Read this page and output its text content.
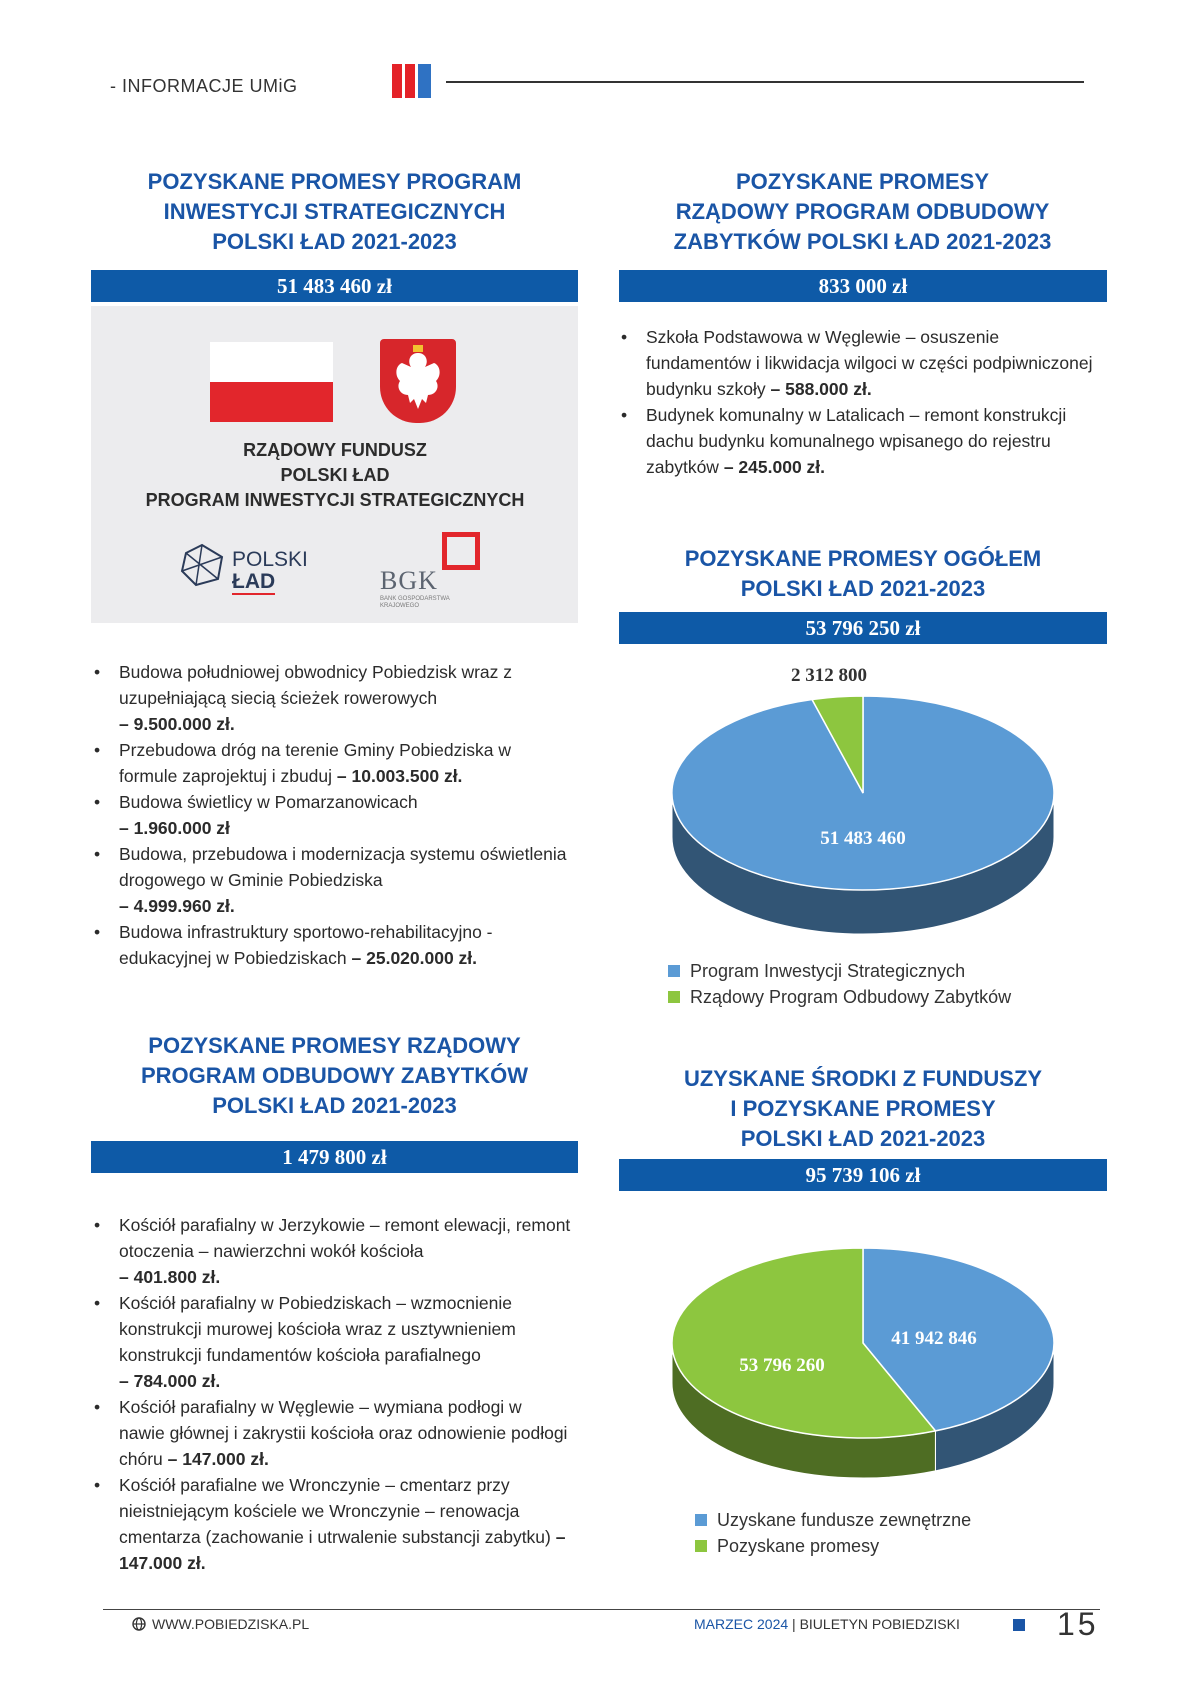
- INFORMACJE UMiG
POZYSKANE PROMESY PROGRAM
INWESTYCJI STRATEGICZNYCH
POLSKI ŁAD 2021-2023
51 483 460 zł
RZĄDOWY FUNDUSZ
POLSKI ŁAD
PROGRAM INWESTYCJI STRATEGICZNYCH
POLSKI
ŁAD	BGK
BANK GOSPODARSTWA KRAJOWEGO
• Budowa południowej obwodnicy Pobiedzisk wraz z uzupełniającą siecią ścieżek rowerowych
– 9.500.000 zł.
• Przebudowa dróg na terenie Gminy Pobiedziska w formule zaprojektuj i zbuduj – 10.003.500 zł.
• Budowa świetlicy w Pomarzanowicach
– 1.960.000 zł
• Budowa, przebudowa i modernizacja systemu oświetlenia drogowego w Gminie Pobiedziska
– 4.999.960 zł.
• Budowa infrastruktury sportowo-rehabilitacyjno - edukacyjnej w Pobiedziskach – 25.020.000 zł.
POZYSKANE PROMESY RZĄDOWY
PROGRAM ODBUDOWY ZABYTKÓW
POLSKI ŁAD 2021-2023
1 479 800 zł
• Kościół parafialny w Jerzykowie – remont elewacji, remont otoczenia – nawierzchni wokół kościoła
– 401.800 zł.
• Kościół parafialny w Pobiedziskach – wzmocnienie konstrukcji murowej kościoła wraz z usztywnieniem konstrukcji fundamentów kościoła parafialnego
– 784.000 zł.
• Kościół parafialny w Węglewie – wymiana podłogi w nawie głównej i zakrystii kościoła oraz odnowienie podłogi chóru – 147.000 zł.
• Kościół parafialne we Wronczynie – cmentarz przy nieistniejącym kościele we Wronczynie – renowacja cmentarza (zachowanie i utrwalenie substancji zabytku) – 147.000 zł.
POZYSKANE PROMESY
RZĄDOWY PROGRAM ODBUDOWY
ZABYTKÓW POLSKI ŁAD 2021-2023
833 000 zł
• Szkoła Podstawowa w Węglewie – osuszenie fundamentów i likwidacja wilgoci w części podpiwniczonej budynku szkoły – 588.000 zł.
• Budynek komunalny w Latalicach – remont konstrukcji dachu budynku komunalnego wpisanego do rejestru zabytków – 245.000 zł.
POZYSKANE PROMESY OGÓŁEM
POLSKI ŁAD 2021-2023
53 796 250 zł
51 483 460
2 312 800
Program Inwestycji Strategicznych
Rządowy Program Odbudowy Zabytków
UZYSKANE ŚRODKI Z FUNDUSZY
I POZYSKANE PROMESY
POLSKI ŁAD 2021-2023
95 739 106 zł
41 942 846
53 796 260
Uzyskane fundusze zewnętrzne
Pozyskane promesy
WWW.POBIEDZISKA.PL	MARZEC 2024 | BIULETYN POBIEDZISKI	15
